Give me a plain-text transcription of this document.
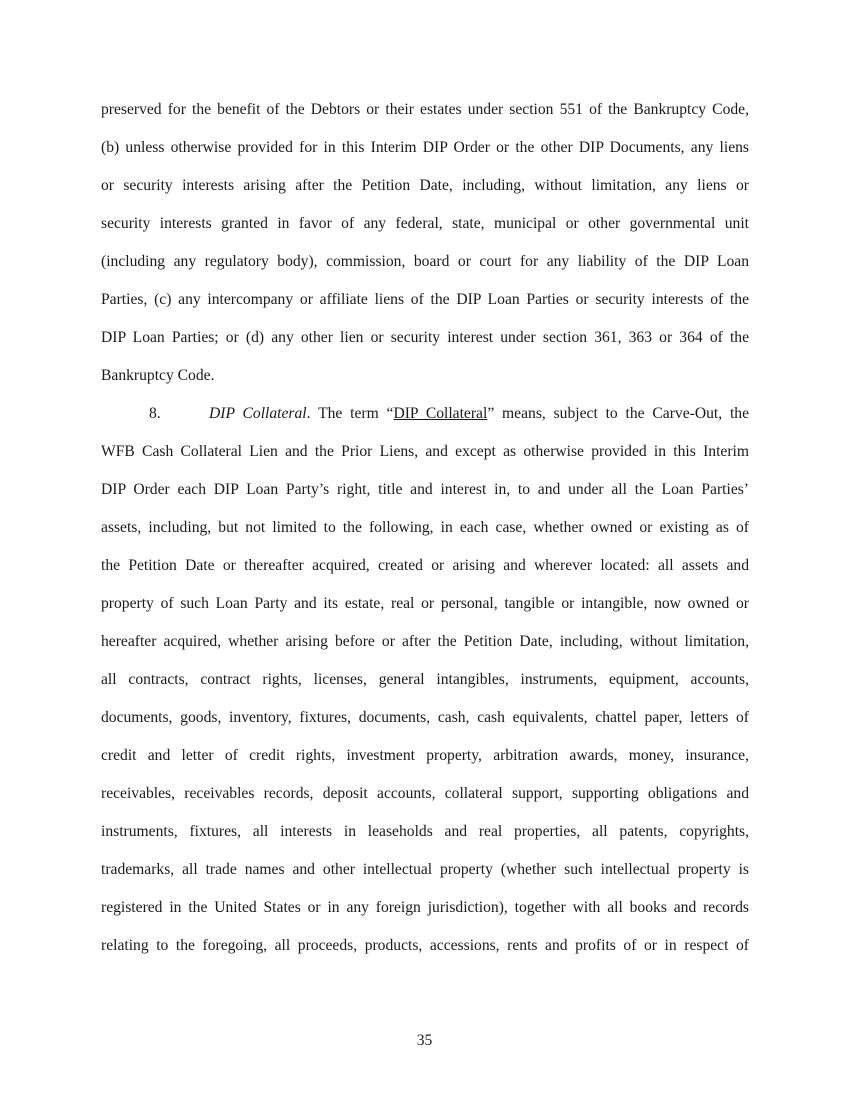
preserved for the benefit of the Debtors or their estates under section 551 of the Bankruptcy Code,

(b) unless otherwise provided for in this Interim DIP Order or the other DIP Documents, any liens

or security interests arising after the Petition Date, including, without limitation, any liens or

security interests granted in favor of any federal, state, municipal or other governmental unit

(including any regulatory body), commission, board or court for any liability of the DIP Loan

Parties, (c) any intercompany or affiliate liens of the DIP Loan Parties or security interests of the

DIP Loan Parties; or (d) any other lien or security interest under section 361, 363 or 364 of the

Bankruptcy Code.

8.	DIP Collateral. The term “DIP Collateral” means, subject to the Carve-Out, the

WFB Cash Collateral Lien and the Prior Liens, and except as otherwise provided in this Interim

DIP Order each DIP Loan Party’s right, title and interest in, to and under all the Loan Parties’

assets, including, but not limited to the following, in each case, whether owned or existing as of

the Petition Date or thereafter acquired, created or arising and wherever located: all assets and

property of such Loan Party and its estate, real or personal, tangible or intangible, now owned or

hereafter acquired, whether arising before or after the Petition Date, including, without limitation,

all contracts, contract rights, licenses, general intangibles, instruments, equipment, accounts,

documents, goods, inventory, fixtures, documents, cash, cash equivalents, chattel paper, letters of

credit and letter of credit rights, investment property, arbitration awards, money, insurance,

receivables, receivables records, deposit accounts, collateral support, supporting obligations and

instruments, fixtures, all interests in leaseholds and real properties, all patents, copyrights,

trademarks, all trade names and other intellectual property (whether such intellectual property is

registered in the United States or in any foreign jurisdiction), together with all books and records

relating to the foregoing, all proceeds, products, accessions, rents and profits of or in respect of

35
